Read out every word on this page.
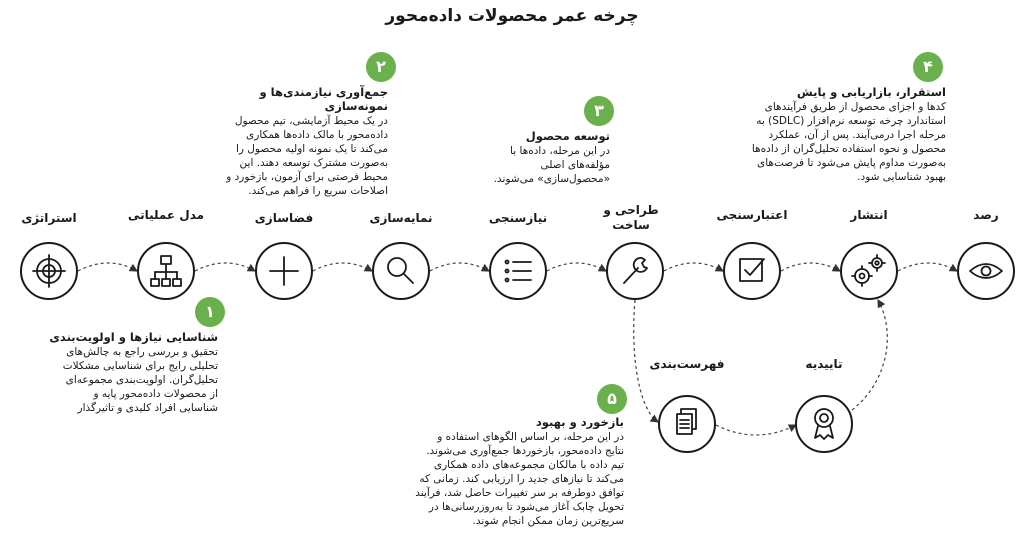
چرخه عمر محصولات داده‌محور
استراتژی	مدل عملیاتی	فضاسازی	نمایه‌سازی	نیازسنجی
طراحی و ساخت
اعتبارسنجی	انتشار	رصد
فهرست‌بندی	تاییدیه
۱
۲
۳
۴
۵
شناسایی نیازها و اولویت‌بندی
تحقیق و بررسی راجع به چالش‌های
تحلیلی رایج برای شناسایی مشکلات
تحلیل‌گران. اولویت‌بندی مجموعه‌ای
از محصولات داده‌محور پایه و
شناسایی افراد کلیدی و تاثیرگذار
جمع‌آوری نیازمندی‌ها و نمونه‌سازی
در یک محیط آزمایشی، تیم محصول
داده‌محور با مالک داده‌ها همکاری
می‌کند تا یک نمونه اولیه محصول را
به‌صورت مشترک توسعه دهند. این
محیط فرصتی برای آزمون، بازخورد و
اصلاحات سریع را فراهم می‌کند.
توسعه محصول
در این مرحله، داده‌ها با
مؤلفه‌های اصلی
«محصول‌سازی» می‌شوند.
استقرار، بازاریابی و پایش
کدها و اجزای محصول از طریق فرآیندهای
استاندارد چرخه توسعه نرم‌افزار (SDLC) به
مرحله اجرا درمی‌آیند. پس از آن، عملکرد
محصول و نحوه استفاده تحلیل‌گران از داده‌ها
به‌صورت مداوم پایش می‌شود تا فرصت‌های
بهبود شناسایی شود.
بازخورد و بهبود
در این مرحله، بر اساس الگوهای استفاده و
نتایج داده‌محور، بازخوردها جمع‌آوری می‌شوند.
تیم داده با مالکان مجموعه‌های داده همکاری
می‌کند تا نیازهای جدید را ارزیابی کند. زمانی که
توافق دوطرفه بر سر تغییرات حاصل شد، فرآیند
تحویل چابک آغاز می‌شود تا به‌روزرسانی‌ها در
سریع‌ترین زمان ممکن انجام شوند.
